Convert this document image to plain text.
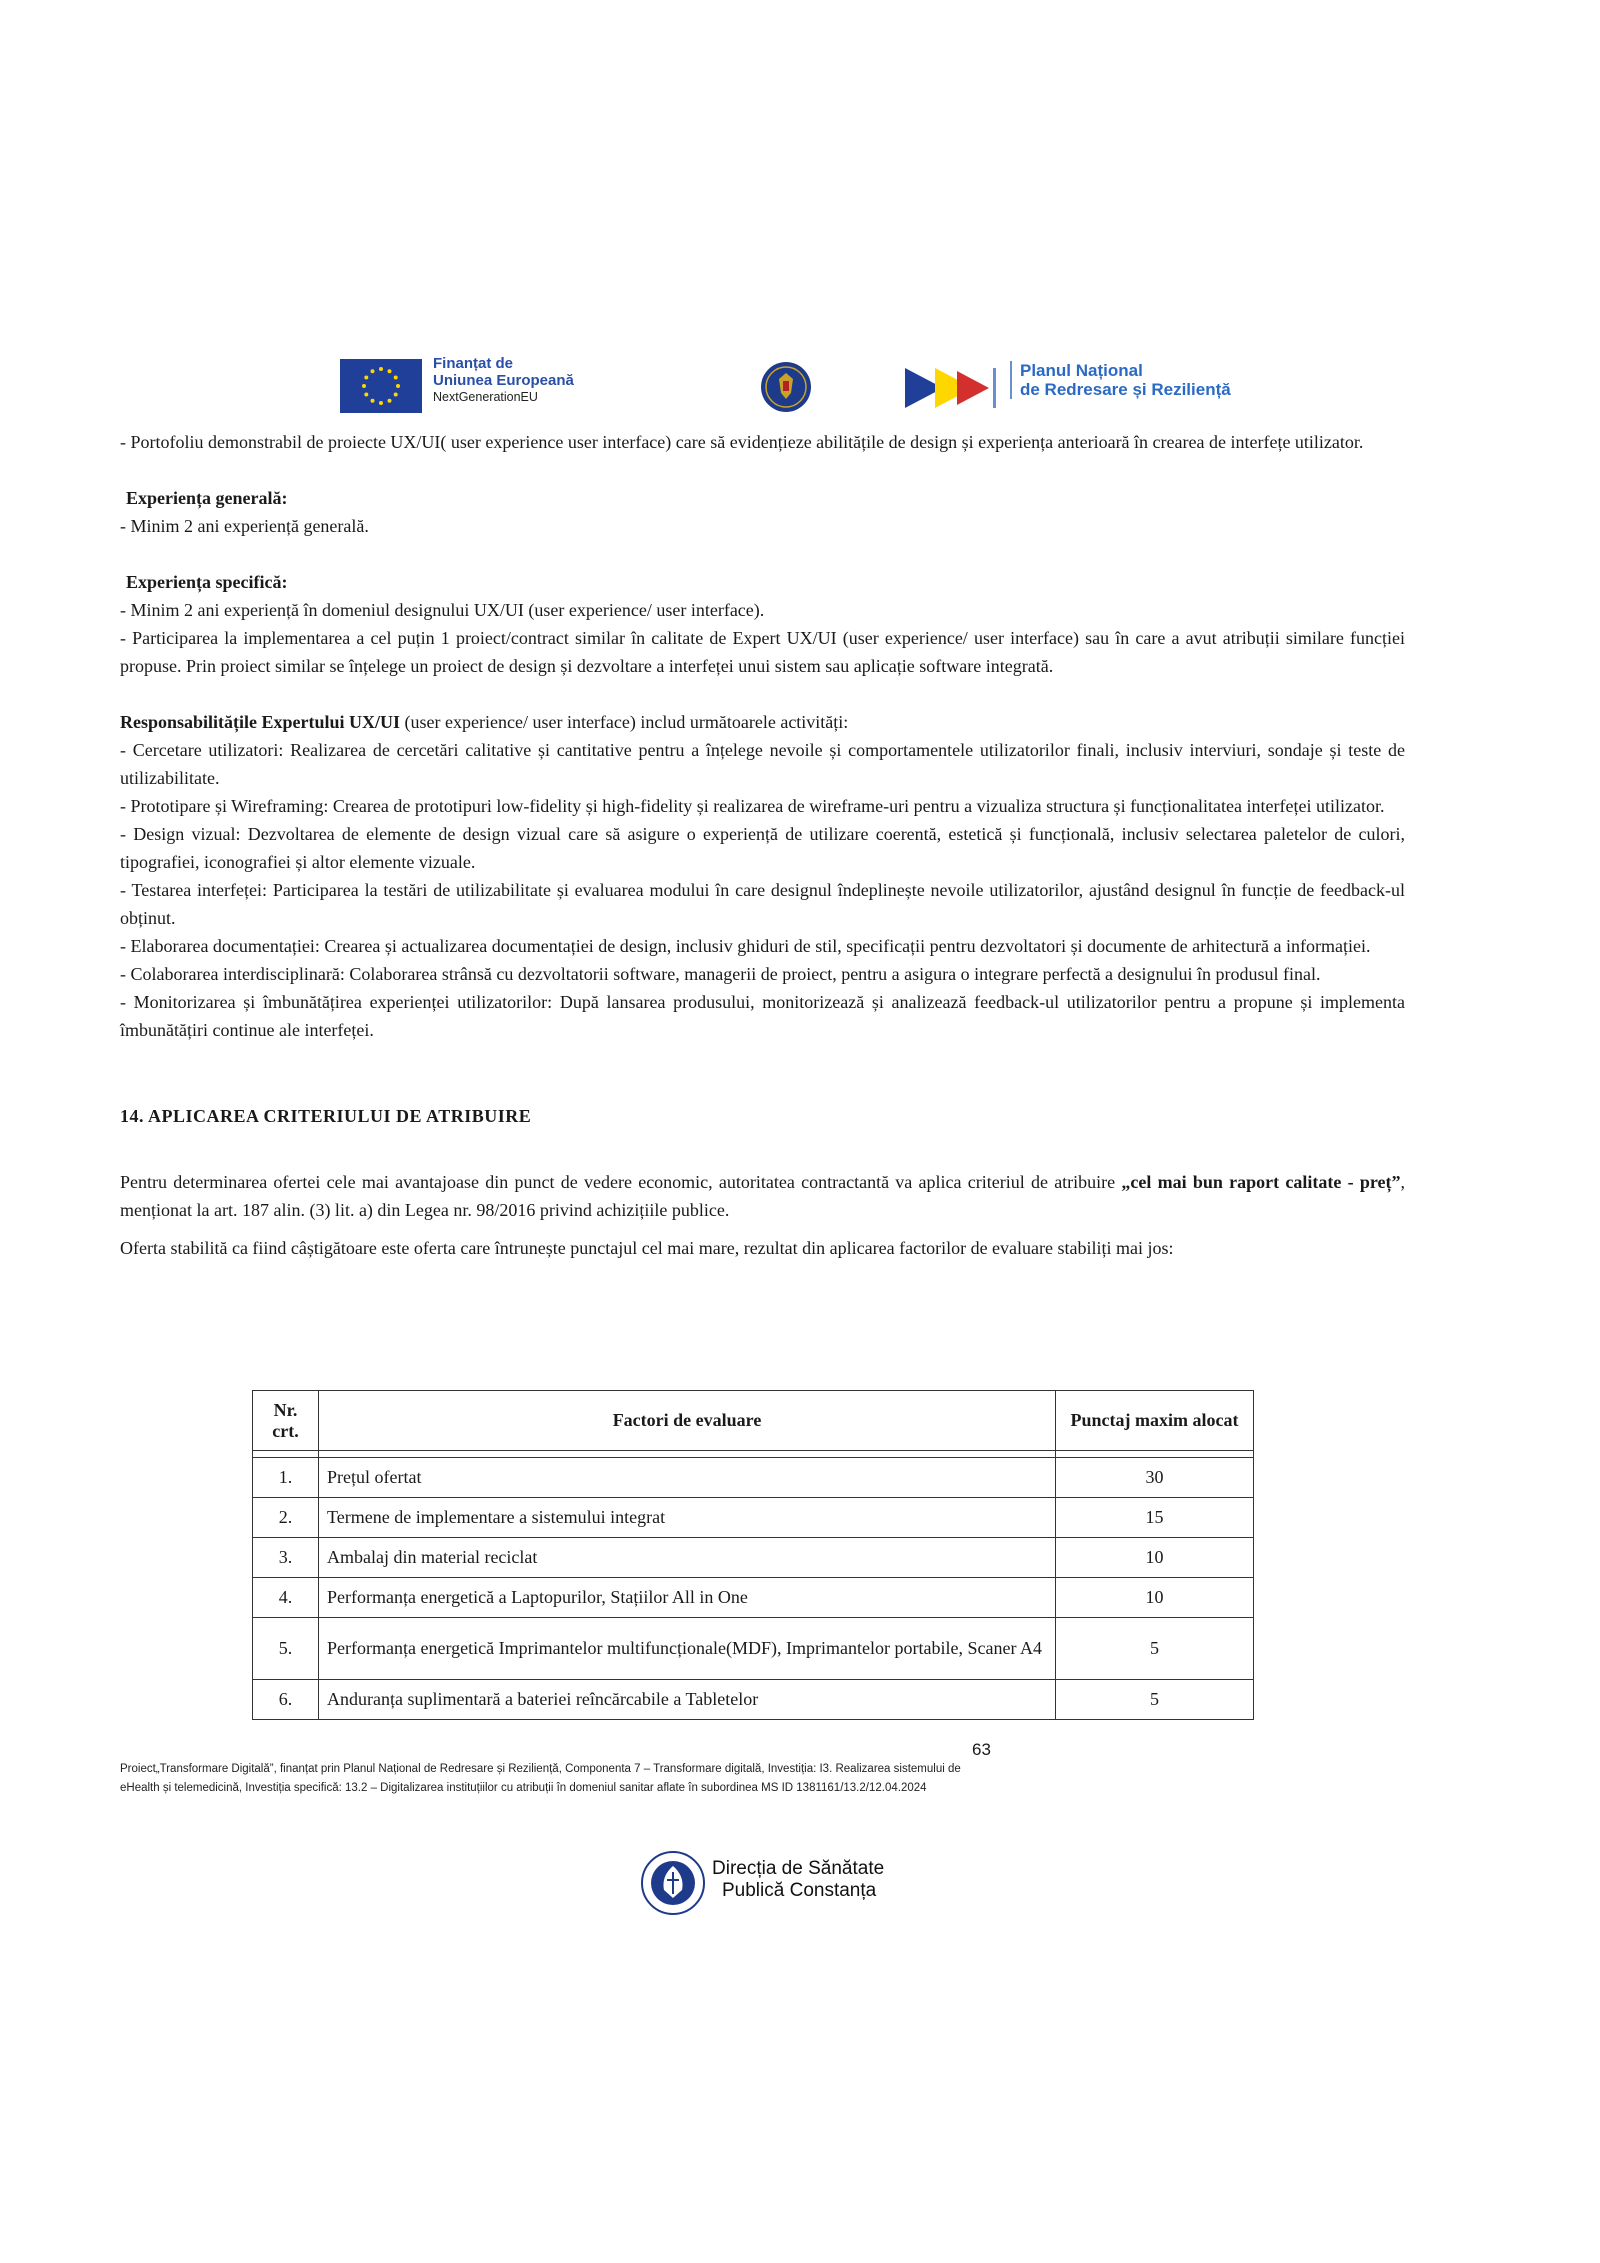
Finanțat de
Uniunea Europeană
NextGenerationEU
Planul Național
de Redresare și Reziliență

- Portofoliu demonstrabil de proiecte UX/UI( user experience user interface) care să evidențieze abilitățile de design și experiența anterioară în crearea de interfețe utilizator.

Experiența generală:

- Minim 2 ani experiență generală.

Experiența specifică:

- Minim 2 ani experiență în domeniul designului UX/UI (user experience/ user interface).

- Participarea la implementarea a cel puțin 1 proiect/contract similar în calitate de Expert UX/UI (user experience/ user interface) sau în care a avut atribuții similare funcției propuse. Prin proiect similar se înțelege un proiect de design și dezvoltare a interfeței unui sistem sau aplicație software integrată.

Responsabilitățile Expertului UX/UI (user experience/ user interface) includ următoarele activități:

- Cercetare utilizatori: Realizarea de cercetări calitative și cantitative pentru a înțelege nevoile și comportamentele utilizatorilor finali, inclusiv interviuri, sondaje și teste de utilizabilitate.

- Prototipare și Wireframing: Crearea de prototipuri low-fidelity și high-fidelity și realizarea de wireframe-uri pentru a vizualiza structura și funcționalitatea interfeței utilizator.

- Design vizual: Dezvoltarea de elemente de design vizual care să asigure o experiență de utilizare coerentă, estetică și funcțională, inclusiv selectarea paletelor de culori, tipografiei, iconografiei și altor elemente vizuale.

- Testarea interfeței: Participarea la testări de utilizabilitate și evaluarea modului în care designul îndeplinește nevoile utilizatorilor, ajustând designul în funcție de feedback-ul obținut.

- Elaborarea documentației: Crearea și actualizarea documentației de design, inclusiv ghiduri de stil, specificații pentru dezvoltatori și documente de arhitectură a informației.

- Colaborarea interdisciplinară: Colaborarea strânsă cu dezvoltatorii software, managerii de proiect, pentru a asigura o integrare perfectă a designului în produsul final.

- Monitorizarea și îmbunătățirea experienței utilizatorilor: După lansarea produsului, monitorizează și analizează feedback-ul utilizatorilor pentru a propune și implementa îmbunătățiri continue ale interfeței.

14. APLICAREA CRITERIULUI DE ATRIBUIRE

Pentru determinarea ofertei cele mai avantajoase din punct de vedere economic, autoritatea contractantă va aplica criteriul de atribuire „cel mai bun raport calitate - preț”, menționat la art. 187 alin. (3) lit. a) din Legea nr. 98/2016 privind achizițiile publice.

Oferta stabilită ca fiind câștigătoare este oferta care întrunește punctajul cel mai mare, rezultat din aplicarea factorilor de evaluare stabiliți mai jos:

Nr. crt.	Factori de evaluare	Punctaj maxim alocat

1.	Prețul ofertat	30
2.	Termene de implementare a sistemului integrat	15
3.	Ambalaj din material reciclat	10
4.	Performanța energetică a Laptopurilor, Stațiilor All in One	10
5.	Performanța energetică Imprimantelor multifuncționale(MDF), Imprimantelor portabile, Scaner A4	5
6.	Anduranța suplimentară a bateriei reîncărcabile a Tabletelor	5
63
Proiect„Transformare Digitală”, finanțat prin Planul Național de Redresare și Reziliență, Componenta 7 – Transformare digitală, Investiția: I3. Realizarea sistemului de eHealth și telemedicină, Investiția specifică: 13.2 – Digitalizarea instituțiilor cu atribuții în domeniul sanitar aflate în subordinea MS ID 1381161/13.2/12.04.2024
Direcția de Sănătate
Publică Constanța
